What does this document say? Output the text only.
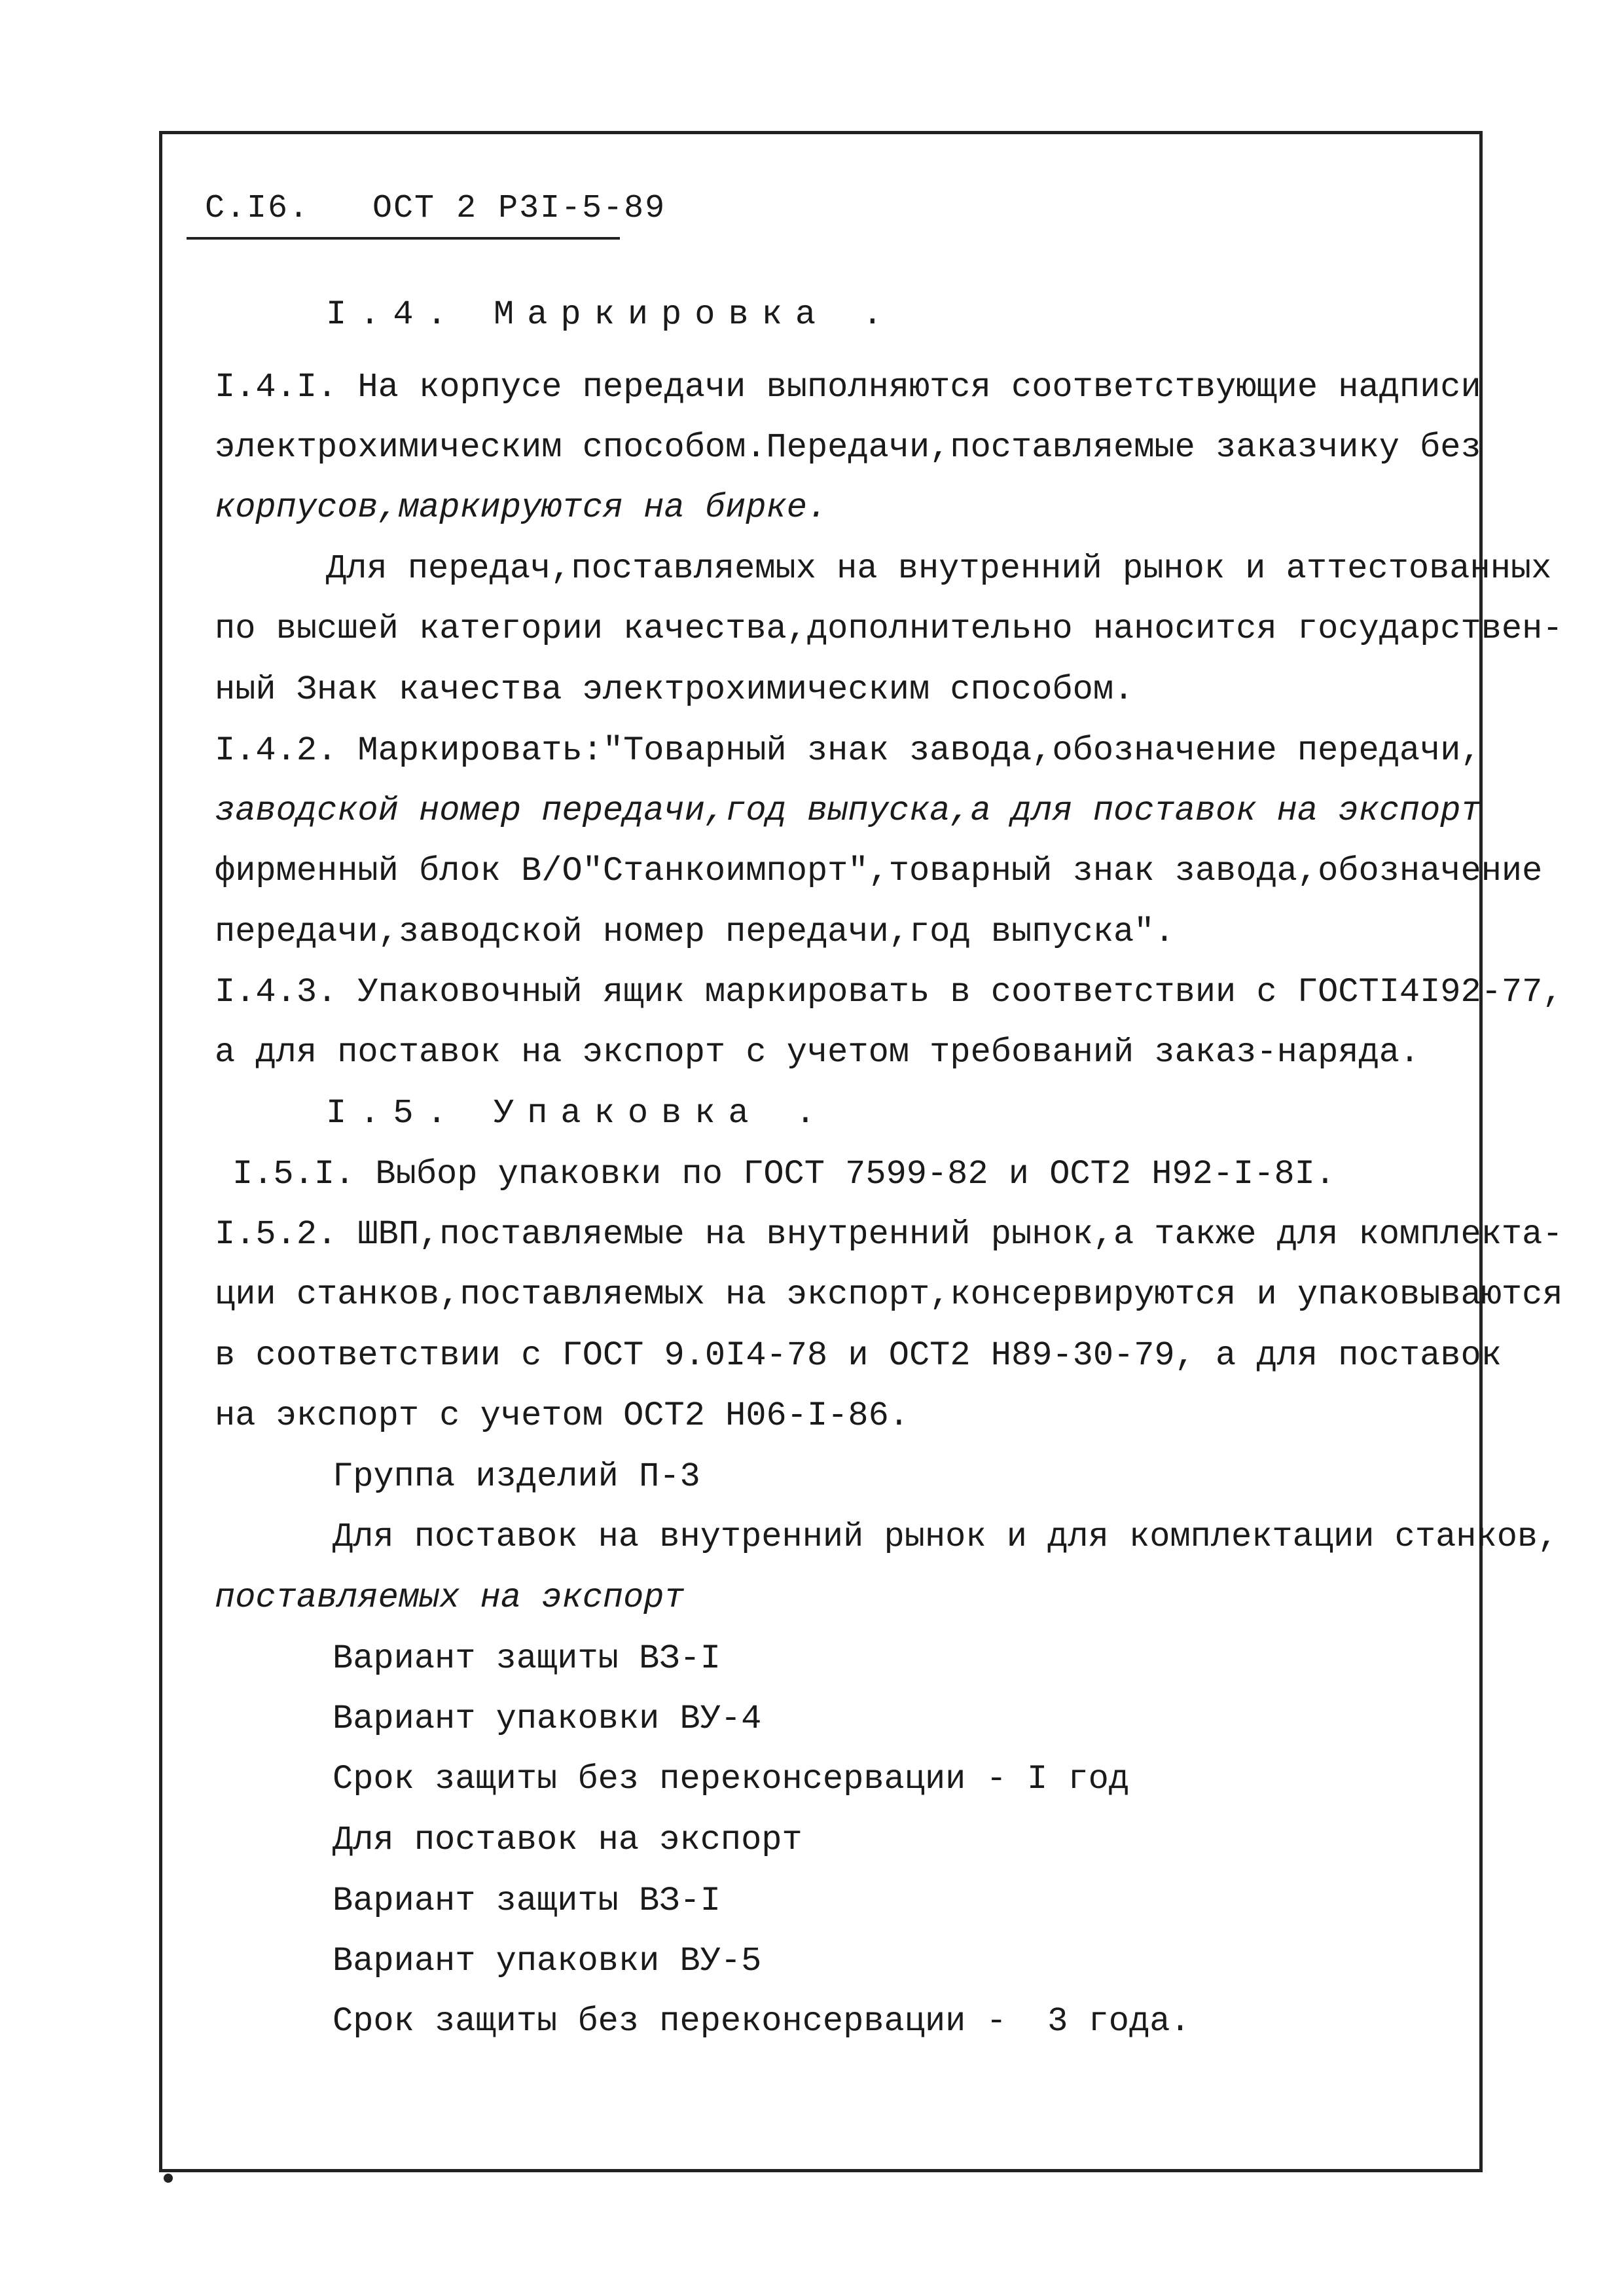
С.I6. ОСТ 2 Р3I-5-89
I.4. Маркировка .
I.4.I. На корпусе передачи выполняются соответствующие надписи
электрохимическим способом.Передачи,поставляемые заказчику без
корпусов,маркируются на бирке.
Для передач,поставляемых на внутренний рынок и аттестованных
по высшей категории качества,дополнительно наносится государствен-
ный Знак качества электрохимическим способом.
I.4.2. Маркировать:"Товарный знак завода,обозначение передачи,
заводской номер передачи,год выпуска,а для поставок на экспорт
фирменный блок В/О"Станкоимпорт",товарный знак завода,обозначение
передачи,заводской номер передачи,год выпуска".
I.4.3. Упаковочный ящик маркировать в соответствии с ГОСТI4I92-77,
а для поставок на экспорт с учетом требований заказ-наряда.
I.5. Упаковка .
I.5.I. Выбор упаковки по ГОСТ 7599-82 и ОСТ2 Н92-I-8I.
I.5.2. ШВП,поставляемые на внутренний рынок,а также для комплекта-
ции станков,поставляемых на экспорт,консервируются и упаковываются
в соответствии с ГОСТ 9.0I4-78 и ОСТ2 Н89-30-79, а для поставок
на экспорт с учетом ОСТ2 Н06-I-86.
Группа изделий П-3
Для поставок на внутренний рынок и для комплектации станков,
поставляемых на экспорт
Вариант защиты ВЗ-I
Вариант упаковки ВУ-4
Срок защиты без переконсервации - I год
Для поставок на экспорт
Вариант защиты ВЗ-I
Вариант упаковки ВУ-5
Срок защиты без переконсервации -  3 года.
